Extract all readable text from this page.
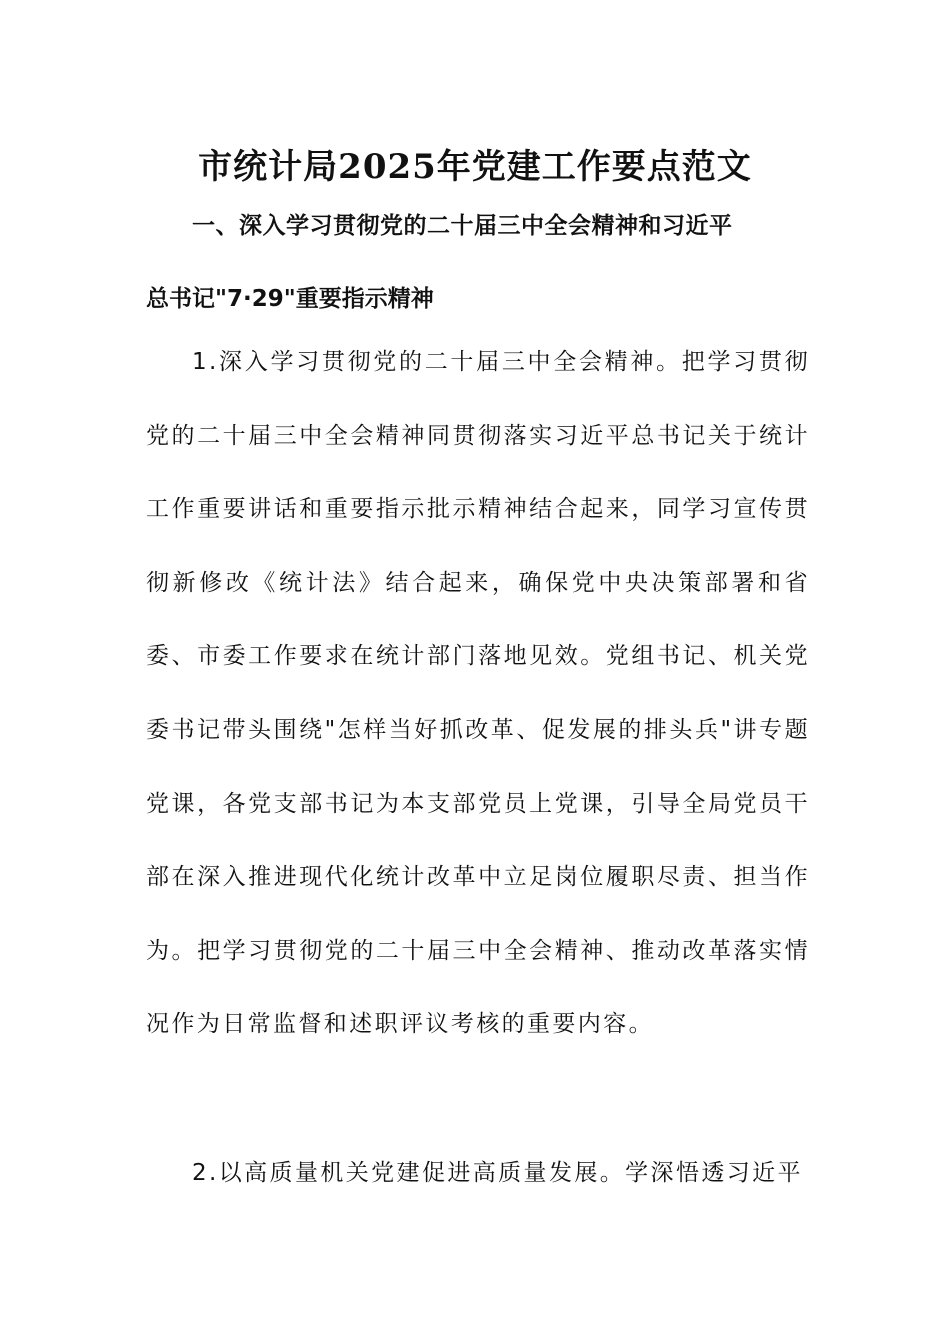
市统计局2025年党建工作要点范文
一、深入学习贯彻党的二十届三中全会精神和习近平
总书记"7·29"重要指示精神
1.深入学习贯彻党的二十届三中全会精神。把学习贯彻党的二十届三中全会精神同贯彻落实习近平总书记关于统计工作重要讲话和重要指示批示精神结合起来，同学习宣传贯彻新修改《统计法》结合起来，确保党中央决策部署和省委、市委工作要求在统计部门落地见效。党组书记、机关党委书记带头围绕"怎样当好抓改革、促发展的排头兵"讲专题党课，各党支部书记为本支部党员上党课，引导全局党员干部在深入推进现代化统计改革中立足岗位履职尽责、担当作为。把学习贯彻党的二十届三中全会精神、推动改革落实情况作为日常监督和述职评议考核的重要内容。
2.以高质量机关党建促进高质量发展。学深悟透习近平
